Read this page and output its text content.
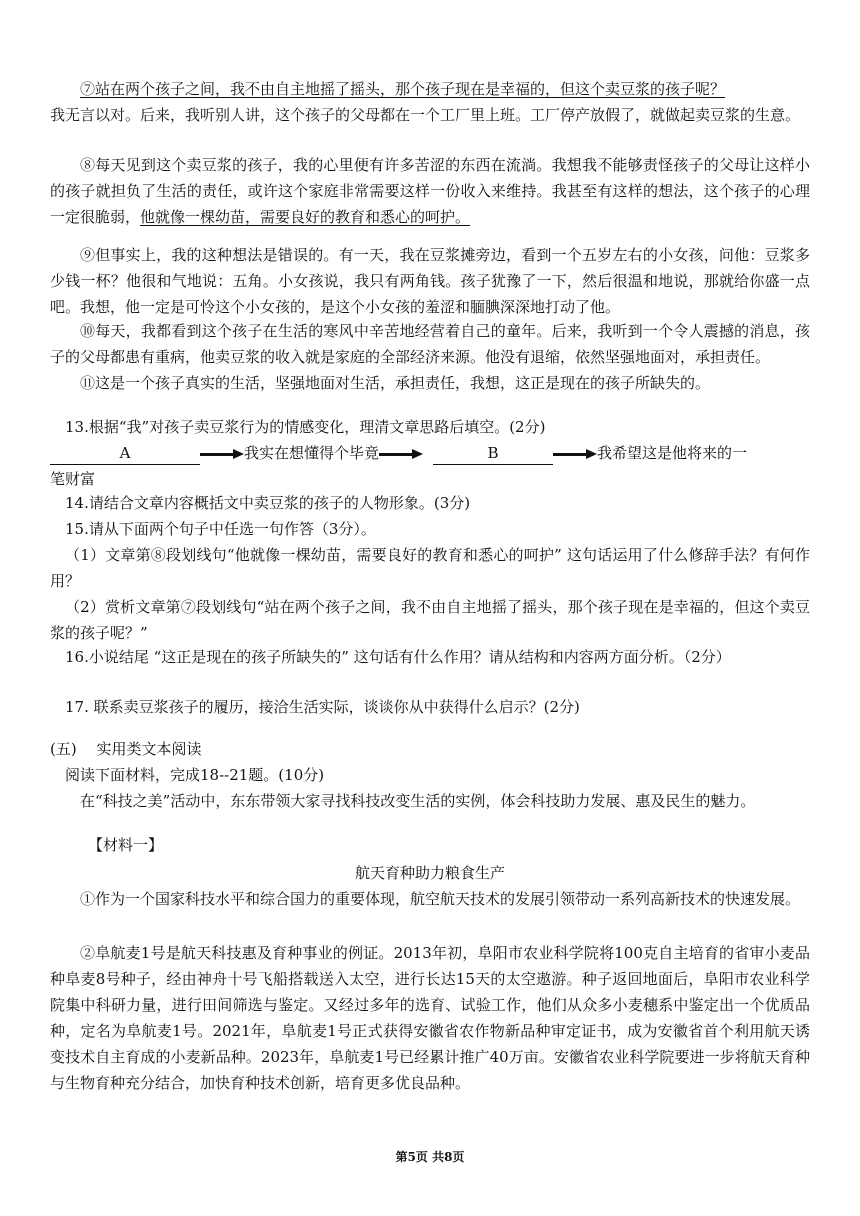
⑦站在两个孩子之间，我不由自主地摇了摇头，那个孩子现在是幸福的，但这个卖豆浆的孩子呢？
我无言以对。后来，我听别人讲，这个孩子的父母都在一个工厂里上班。工厂停产放假了，就做起卖豆浆的生意。
⑧每天见到这个卖豆浆的孩子，我的心里便有许多苦涩的东西在流淌。我想我不能够责怪孩子的父母让这样小的孩子就担负了生活的责任，或许这个家庭非常需要这样一份收入来维持。我甚至有这样的想法，这个孩子的心理一定很脆弱，他就像一棵幼苗，需要良好的教育和悉心的呵护。
⑨但事实上，我的这种想法是错误的。有一天，我在豆浆摊旁边，看到一个五岁左右的小女孩，问他：豆浆多少钱一杯？他很和气地说：五角。小女孩说，我只有两角钱。孩子犹豫了一下，然后很温和地说，那就给你盛一点吧。我想，他一定是可怜这个小女孩的，是这个小女孩的羞涩和腼腆深深地打动了他。
⑩每天，我都看到这个孩子在生活的寒风中辛苦地经营着自己的童年。后来，我听到一个令人震撼的消息，孩子的父母都患有重病，他卖豆浆的收入就是家庭的全部经济来源。他没有退缩，依然坚强地面对，承担责任。
⑪这是一个孩子真实的生活，坚强地面对生活，承担责任，我想，这正是现在的孩子所缺失的。
13.根据“我”对孩子卖豆浆行为的情感变化，理清文章思路后填空。(2分)
A	我实在想懂得个毕竟	B	我希望这是他将来的一
笔财富
14.请结合文章内容概括文中卖豆浆的孩子的人物形象。(3分)
15.请从下面两个句子中任选一句作答（3分）。
（1）文章第⑧段划线句“他就像一棵幼苗，需要良好的教育和悉心的呵护” 这句话运用了什么修辞手法？有何作用？
（2）赏析文章第⑦段划线句“站在两个孩子之间，我不由自主地摇了摇头，那个孩子现在是幸福的，但这个卖豆浆的孩子呢？”
16.小说结尾 “这正是现在的孩子所缺失的” 这句话有什么作用？请从结构和内容两方面分析。（2分）
17. 联系卖豆浆孩子的履历，接洽生活实际，谈谈你从中获得什么启示？(2分)
(五)　 实用类文本阅读
阅读下面材料，完成18--21题。(10分)
在“科技之美”活动中，东东带领大家寻找科技改变生活的实例，体会科技助力发展、惠及民生的魅力。
【材料一】
航天育种助力粮食生产
①作为一个国家科技水平和综合国力的重要体现，航空航天技术的发展引领带动一系列高新技术的快速发展。
②阜航麦1号是航天科技惠及育种事业的例证。2013年初，阜阳市农业科学院将100克自主培育的省审小麦品种阜麦8号种子，经由神舟十号飞船搭载送入太空，进行长达15天的太空遨游。种子返回地面后，阜阳市农业科学院集中科研力量，进行田间筛选与鉴定。又经过多年的选育、试验工作，他们从众多小麦穗系中鉴定出一个优质品种，定名为阜航麦1号。2021年，阜航麦1号正式获得安徽省农作物新品种审定证书，成为安徽省首个利用航天诱变技术自主育成的小麦新品种。2023年，阜航麦1号已经累计推广40万亩。安徽省农业科学院要进一步将航天育种与生物育种充分结合，加快育种技术创新，培育更多优良品种。
第5页 共8页
